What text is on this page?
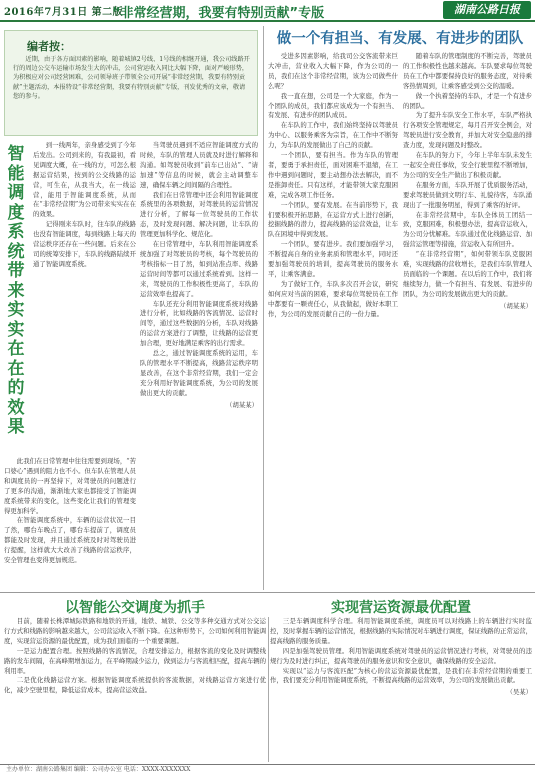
2016年7月31日 第二版
“非常经营期，我要有特别贡献”专版	湖南公路日报
编者按：
近期，由于各方面因素的影响，随着城镇2号线、1号线的相继开通，我公司线路开行的周边公交车运输市场发生大的冲击，公司营运收入同比大幅下降，面对严峻形势，为积极应对公司经营困难，公司领导班子带领全公司开展“非常经营期，我要有特别贡献”主题活动，本报特设“非常经营期，我要有特别贡献”专版，刊发优秀的文章，敬请您的参与。
智能调度系统带来实实在在的效果

到一线两年，亲身感受到了今年后发出。公司到来的，有我最初，看见调度大概，在一线的方，可怎么根据运营结果，按到的公交线路的运营，可生在，从我当大，在一线运营，能用于智能调度系统，从而在“非常经营期”为公司带来实实在在的效果。

记得刚来车队时，往车队的线路也没有智能调度，每到线路上每天的营运秩序还存在一些问题。后来在公司的统筹安排下，车队的线路陆续开通了智能调度系统。

此我们在日常管理中往往需要到现场，“苦口婆心”遇到的阻力也不小。但车队在管理人员和调度员的一再坚持下，对驾驶员的问题进行了更多的沟通，渐渐地大家也都接受了智能调度系统带来的变化，这些变化让我们的管理变得更加科学。

在智能调度系统中，车辆的运营状况一目了然，哪台车晚点了，哪台车提前了，调度员都能及时发现，并且通过系统及时对驾驶员进行提醒，这样就大大改善了线路的营运秩序，安全管理也变得更加规范。

当驾驶员遇到不适应智能调度方式的时候，车队的管理人员就及时进行解释和沟通。如驾驶员收到“前车已出站”、“请加速”等信息的时候，就会主动调整车速，确保车辆之间间隔的合理性。

我们在日常管理中还会利用智能调度系统里的各项数据，对驾驶员的运营情况进行分析，了解每一位驾驶员的工作状态，及时发现问题、解决问题，让车队的管理更加科学化、规范化。

在日常管理中，车队利用智能调度系统加强了对驾驶员的考核，每个驾驶员的考核指标一目了然，如到站准点率、线路运营时间等都可以通过系统看到。这样一来，驾驶员的工作积极性更高了，车队的运营效率也提高了。

车队还充分利用智能调度系统对线路进行分析，比如线路的客流情况、运营时间等，通过这些数据的分析，车队对线路的运营方案进行了调整，让线路的运营更加合理，更好地满足乘客的出行需求。

总之，通过智能调度系统的运用，车队的管理水平不断提高，线路营运秩序明显改善，在这个非常经营期，我们一定会充分利用好智能调度系统，为公司的发展做出更大的贡献。

（胡某某）
做一个有担当、有发展、有进步的团队

受进多因素影响，给我司公交客流带来巨大冲击，营业收入大幅下降，作为公司的一员，我们在这个非常经营期，该为公司做些什么呢？

我一直在想，公司是一个大家庭，作为一个团队的成员，我们都应该成为一个有担当、有发展、有进步的团队成员。

在车队的工作中，我们始终坚持以驾驶员为中心、以服务乘客为宗旨，在工作中不断努力，为车队的发展做出了自己的贡献。

一个团队，要有担当。作为车队的管理者，要勇于承担责任，面对困难不退缩，在工作中遇到问题时，要主动想办法去解决，而不是推卸责任。只有这样，才能带领大家克服困难，完成各项工作任务。

一个团队，要有发展。在当前形势下，我们要积极开拓思路，在运营方式上进行创新，挖掘线路的潜力，提高线路的运营效益，让车队在困境中得到发展。

一个团队，要有进步。我们要加强学习，不断提高自身的业务素质和管理水平，同时还要加强驾驶员的培训，提高驾驶员的服务水平，让乘客满意。

为了做好工作，车队多次召开会议，研究如何应对当前的困难，要求每位驾驶员在工作中都要有一颗责任心，从我做起，做好本职工作，为公司的发展贡献自己的一份力量。

随着车队的管理制度的不断完善，驾驶员的工作积极性也越来越高。车队要求每位驾驶员在工作中都要保持良好的服务态度，对待乘客热情周到，让乘客感受到公交的温暖。

做一个执着坚持的车队，才是一个有进步的团队。

为了提升车队安全工作水平，车队严格执行各项安全管理规定，每月召开安全例会，对驾驶员进行安全教育，并加大对安全隐患的排查力度，发现问题及时整改。

在车队的努力下，今年上半年车队未发生一起安全责任事故，安全行驶里程不断增加，为公司的安全生产做出了积极贡献。

在服务方面，车队开展了优质服务活动，要求驾驶员做到文明行车、礼貌待客，车队涌现出了一批服务明星，得到了乘客的好评。

在非常经营期中，车队全体员工团结一致，克服困难，积极想办法，提高营运收入，为公司分忧解难。车队通过优化线路运营、加强营运管理等措施，营运收入有所回升。

“在非常经营期”，如何带领车队克服困难，实现线路的营收增长，是我们车队管理人员面临的一个课题。在以后的工作中，我们将继续努力，做一个有担当、有发展、有进步的团队，为公司的发展做出更大的贡献。

（胡某某）
以智能公交调度为抓手	实现营运资源最优配置

目前，随着长株潭城际铁路和地铁的开通，地铁、城铁、公交等多种交通方式对公交运行方式和线路的影响越来越大，公司营运收入不断下降。在这种形势下，公司如何利用智能调度，实现营运资源的最优配置，成为我们面临的一个重要课题。

一是运力配置合理。按照线路的客流情况，合理安排运力，根据客流的变化及时调整线路的发车间隔，在高峰期增加运力，在平峰期减少运力，做到运力与客流相匹配，提高车辆的利用率。

二是优化线路运营方案。根据智能调度系统提供的客流数据，对线路运营方案进行优化，减少空驶里程，降低运营成本，提高营运效益。

三是车辆调度科学合理。利用智能调度系统，调度员可以对线路上的车辆进行实时监控，及时掌握车辆的运营情况，根据线路的实际情况对车辆进行调度，保证线路的正常运营，提高线路的服务质量。

四是加强驾驶员管理。利用智能调度系统对驾驶员的运营情况进行考核，对驾驶员的违规行为及时进行纠正，提高驾驶员的服务意识和安全意识，确保线路的安全运营。

实现以“运力与客流匹配”为核心的营运资源最优配置，是我们在非常经营期的重要工作，我们要充分利用智能调度系统，不断提高线路的运营效率，为公司的发展做出贡献。

（吴某）
主办单位：湖南公路集团 编辑：公司办公室 电话：XXXX-XXXXXXX
